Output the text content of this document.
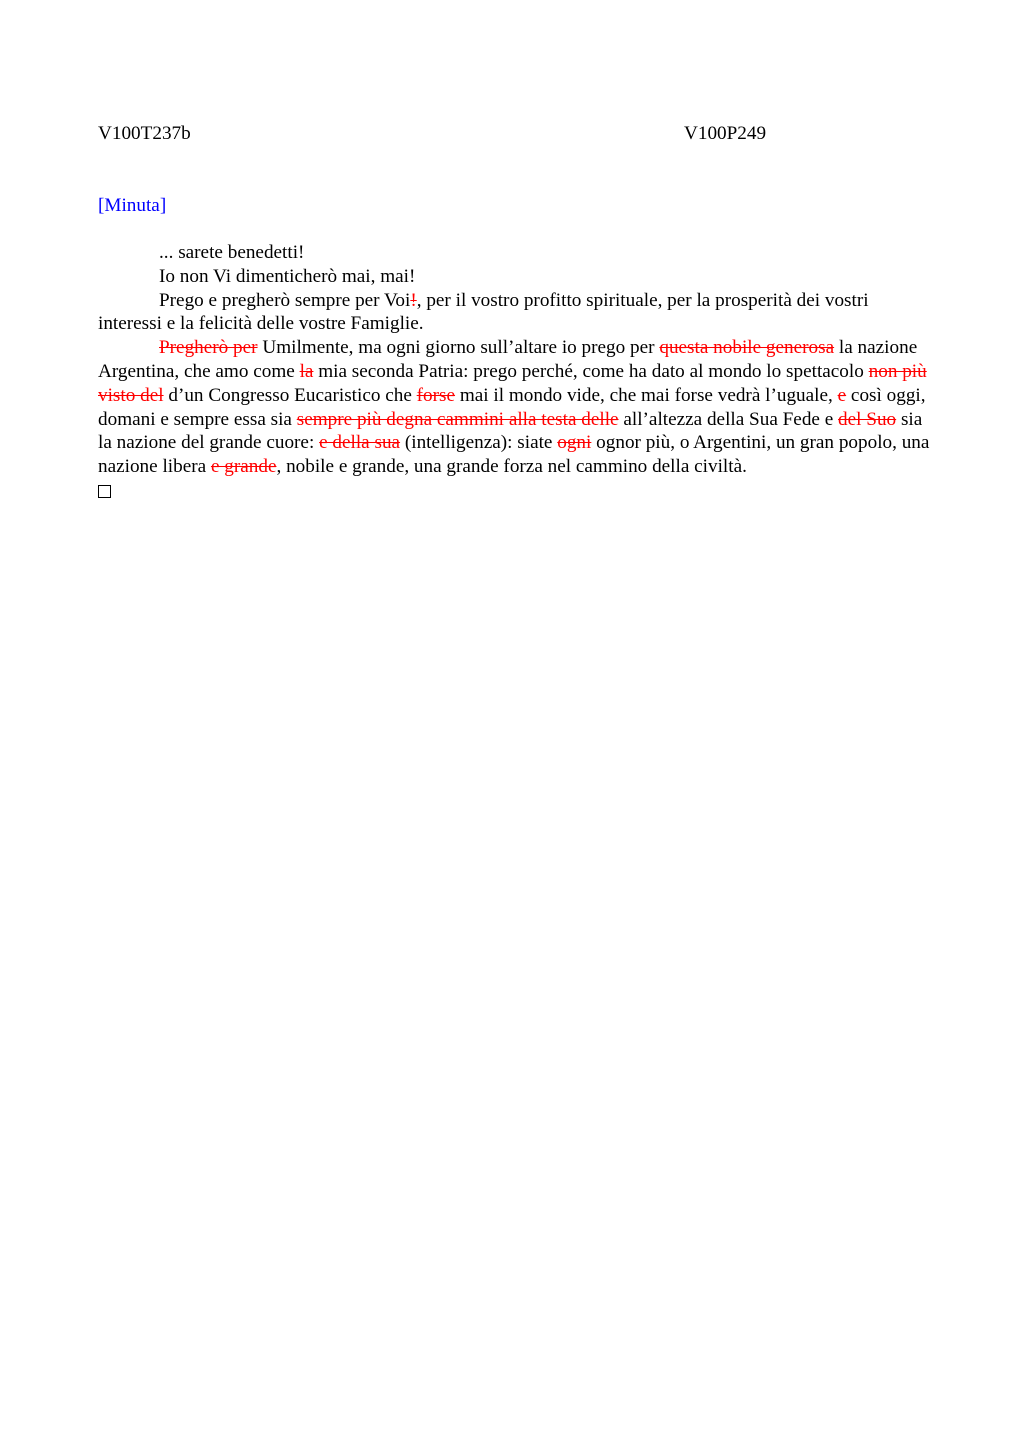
V100T237b	V100P249
[Minuta]

... sarete benedetti!

Io non Vi dimenticherò mai, mai!

Prego e pregherò sempre per Voi!, per il vostro profitto spirituale, per la prosperità dei vostri interessi e la felicità delle vostre Famiglie.

Pregherò per Umilmente, ma ogni giorno sull’altare io prego per questa nobile generosa la nazione Argentina, che amo come la mia seconda Patria: prego perché, come ha dato al mondo lo spettacolo non più visto del d’un Congresso Eucaristico che forse mai il mondo vide, che mai forse vedrà l’uguale, e così oggi, domani e sempre essa sia sempre più degna cammini alla testa delle all’altezza della Sua Fede e del Suo sia la nazione del grande cuore: e della sua (intelligenza): siate ogni ognor più, o Argentini, un gran popolo, una nazione libera e grande, nobile e grande, una grande forza nel cammino della civiltà.
